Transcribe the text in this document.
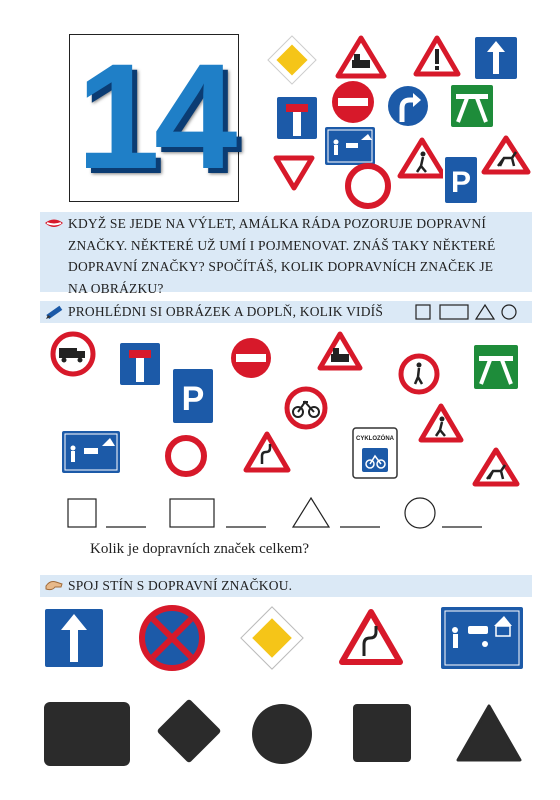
14	P
KDYŽ SE JEDE NA VÝLET, AMÁLKA RÁDA POZORUJE DOPRAVNÍ
ZNAČKY. NĚKTERÉ UŽ UMÍ I POJMENOVAT. ZNÁŠ TAKY NĚKTERÉ
DOPRAVNÍ ZNAČKY? SPOČÍTÁŠ, KOLIK DOPRAVNÍCH ZNAČEK JE
NA OBRÁZKU?
PROHLÉDNI SI OBRÁZEK A DOPLŇ, KOLIK VIDÍŠ
P
CYKLOZÓNA
Kolik je dopravních značek celkem?
SPOJ STÍN S DOPRAVNÍ ZNAČKOU.
